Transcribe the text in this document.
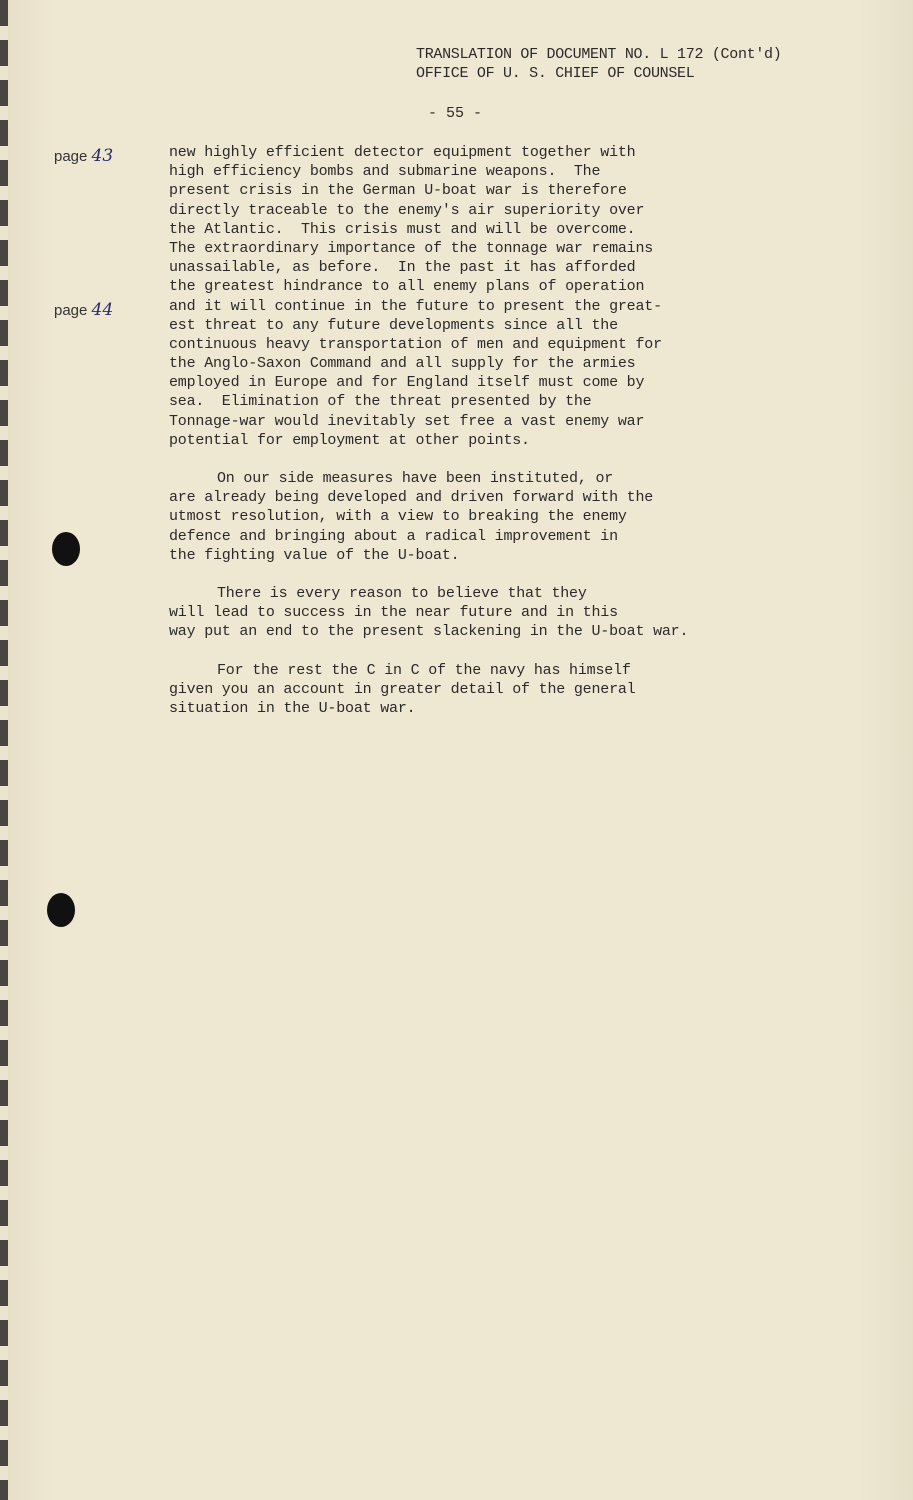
TRANSLATION OF DOCUMENT NO. L 172 (Cont'd)
OFFICE OF U. S. CHIEF OF COUNSEL
- 55 -
page 43
page 44
new highly efficient detector equipment together with
high efficiency bombs and submarine weapons.  The
present crisis in the German U-boat war is therefore
directly traceable to the enemy's air superiority over
the Atlantic.  This crisis must and will be overcome.
The extraordinary importance of the tonnage war remains
unassailable, as before.  In the past it has afforded
the greatest hindrance to all enemy plans of operation
and it will continue in the future to present the great-
est threat to any future developments since all the
continuous heavy transportation of men and equipment for
the Anglo-Saxon Command and all supply for the armies
employed in Europe and for England itself must come by
sea.  Elimination of the threat presented by the
Tonnage-war would inevitably set free a vast enemy war
potential for employment at other points.
On our side measures have been instituted, or
are already being developed and driven forward with the
utmost resolution, with a view to breaking the enemy
defence and bringing about a radical improvement in
the fighting value of the U-boat.
There is every reason to believe that they
will lead to success in the near future and in this
way put an end to the present slackening in the U-boat war.
For the rest the C in C of the navy has himself
given you an account in greater detail of the general
situation in the U-boat war.
